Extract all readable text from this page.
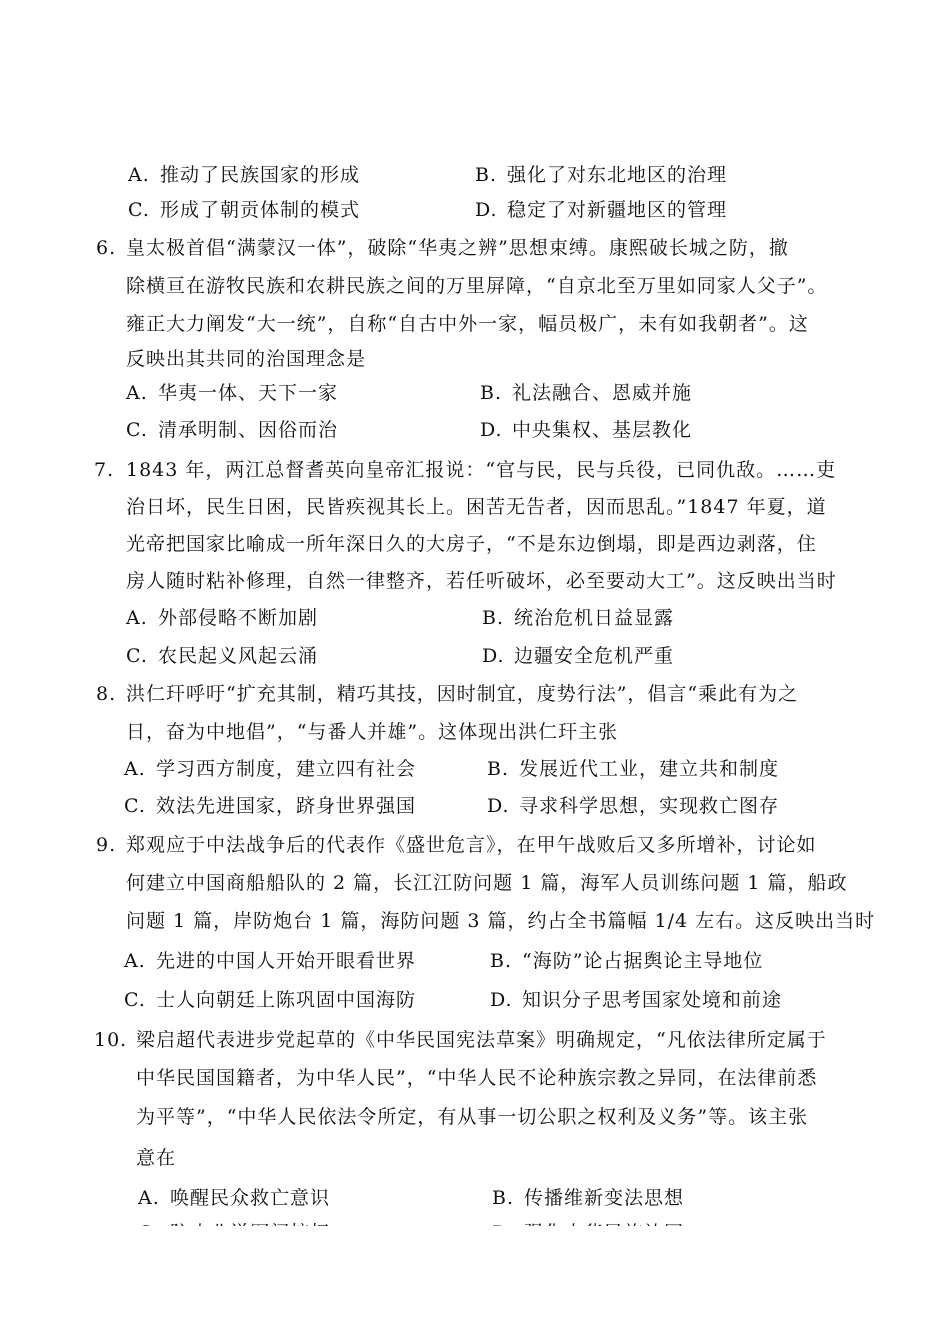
A. 推动了民族国家的形成	B. 强化了对东北地区的治理
C. 形成了朝贡体制的模式	D. 稳定了对新疆地区的管理
6. 皇太极首倡“满蒙汉一体”，破除“华夷之辨”思想束缚。康熙破长城之防，撤
除横亘在游牧民族和农耕民族之间的万里屏障，“自京北至万里如同家人父子”。
雍正大力阐发“大一统”，自称“自古中外一家，幅员极广，未有如我朝者”。这
反映出其共同的治国理念是
A. 华夷一体、天下一家	B. 礼法融合、恩威并施
C. 清承明制、因俗而治	D. 中央集权、基层教化
7. 1843 年，两江总督耆英向皇帝汇报说：“官与民，民与兵役，已同仇敌。……吏
治日坏，民生日困，民皆疾视其长上。困苦无告者，因而思乱。”1847 年夏，道
光帝把国家比喻成一所年深日久的大房子，“不是东边倒塌，即是西边剥落，住
房人随时粘补修理，自然一律整齐，若任听破坏，必至要动大工”。这反映出当时
A. 外部侵略不断加剧	B. 统治危机日益显露
C. 农民起义风起云涌	D. 边疆安全危机严重
8. 洪仁玕呼吁“扩充其制，精巧其技，因时制宜，度势行法”，倡言“乘此有为之
日，奋为中地倡”，“与番人并雄”。这体现出洪仁玕主张
A. 学习西方制度，建立四有社会	B. 发展近代工业，建立共和制度
C. 效法先进国家，跻身世界强国	D. 寻求科学思想，实现救亡图存
9. 郑观应于中法战争后的代表作《盛世危言》，在甲午战败后又多所增补，讨论如
何建立中国商船船队的 2 篇，长江江防问题 1 篇，海军人员训练问题 1 篇，船政
问题 1 篇，岸防炮台 1 篇，海防问题 3 篇，约占全书篇幅 1/4 左右。这反映出当时
A. 先进的中国人开始开眼看世界	B. “海防”论占据舆论主导地位
C. 士人向朝廷上陈巩固中国海防	D. 知识分子思考国家处境和前途
10. 梁启超代表进步党起草的《中华民国宪法草案》明确规定，“凡依法律所定属于
中华民国国籍者，为中华人民”，“中华人民不论种族宗教之异同，在法律前悉
为平等”，“中华人民依法令所定，有从事一切公职之权利及义务”等。该主张
意在
A. 唤醒民众救亡意识	B. 传播维新变法思想
